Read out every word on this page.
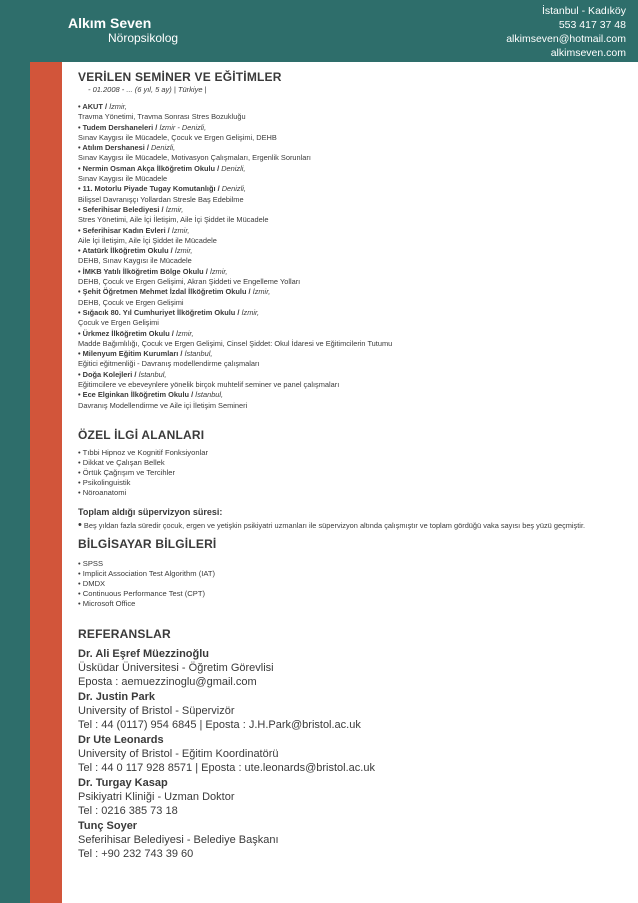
Alkım Seven
Nöropsikolog
İstanbul - Kadıköy
553 417 37 48
alkimseven@hotmail.com
alkimseven.com
VERİLEN SEMİNER VE EĞİTİMLER
- 01.2008 - ... (6 yıl, 5 ay) | Türkiye |
• AKUT / İzmir,
Travma Yönetimi, Travma Sonrası Stres Bozukluğu
• Tudem Dershaneleri / İzmir - Denizli,
Sınav Kaygısı ile Mücadele, Çocuk ve Ergen Gelişimi, DEHB
• Atılım Dershanesi / Denizli,
Sınav Kaygısı ile Mücadele, Motivasyon Çalışmaları, Ergenlik Sorunları
• Nermin Osman Akça İlköğretim Okulu / Denizli,
Sınav Kaygısı ile Mücadele
• 11. Motorlu Piyade Tugay Komutanlığı / Denizli,
Bilişsel Davranışçı Yollardan Stresle Baş Edebilme
• Seferihisar Belediyesi / İzmir,
Stres Yönetimi, Aile İçi İletişim, Aile İçi Şiddet ile Mücadele
• Seferihisar Kadın Evleri / İzmir,
Aile İçi İletişim, Aile İçi Şiddet ile Mücadele
• Atatürk İlköğretim Okulu / İzmir,
DEHB, Sınav Kaygısı ile Mücadele
• İMKB Yatılı İlköğretim Bölge Okulu / İzmir,
DEHB, Çocuk ve Ergen Gelişimi, Akran Şiddeti ve Engelleme Yolları
• Şehit Öğretmen Mehmet İzdal İlköğretim Okulu / İzmir,
DEHB, Çocuk ve Ergen Gelişimi
• Sığacık 80. Yıl Cumhuriyet İlköğretim Okulu / İzmir,
Çocuk ve Ergen Gelişimi
• Ürkmez İlköğretim Okulu / İzmir,
Madde Bağımlılığı, Çocuk ve Ergen Gelişimi, Cinsel Şiddet: Okul İdaresi ve Eğitimcilerin Tutumu
• Milenyum Eğitim Kurumları / İstanbul,
Eğitici eğitmenliği - Davranış modellendirme çalışmaları
• Doğa Kolejleri / İstanbul,
Eğitimcilere ve ebeveynlere yönelik birçok muhtelif seminer ve panel çalışmaları
• Ece Elginkan İlköğretim Okulu / İstanbul,
Davranış Modellendirme ve Aile içi İletişim Semineri
ÖZEL İLGİ ALANLARI
• Tıbbi Hipnoz ve Kognitif Fonksiyonlar
• Dikkat ve Çalışan Bellek
• Örtük Çağrışım ve Tercihler
• Psikolinguistik
• Nöroanatomi
Toplam aldığı süpervizyon süresi:
• Beş yıldan fazla süredir çocuk, ergen ve yetişkin psikiyatri uzmanları ile süpervizyon altında çalışmıştır ve toplam gördüğü vaka sayısı beş yüzü geçmiştir.
BİLGİSAYAR BİLGİLERİ
• SPSS
• Implicit Association Test Algorithm (IAT)
• DMDX
• Continuous Performance Test (CPT)
• Microsoft Office
REFERANSLAR
Dr. Ali Eşref Müezzinoğlu
Üsküdar Üniversitesi - Öğretim Görevlisi
Eposta : aemuezzinoglu@gmail.com
Dr. Justin Park
University of Bristol - Süpervizör
Tel : 44 (0117) 954 6845 | Eposta : J.H.Park@bristol.ac.uk
Dr Ute Leonards
University of Bristol - Eğitim Koordinatörü
Tel : 44 0 117 928 8571 | Eposta : ute.leonards@bristol.ac.uk
Dr. Turgay Kasap
Psikiyatri Kliniği - Uzman Doktor
Tel : 0216 385 73 18
Tunç Soyer
Seferihisar Belediyesi - Belediye Başkanı
Tel : +90 232 743 39 60
